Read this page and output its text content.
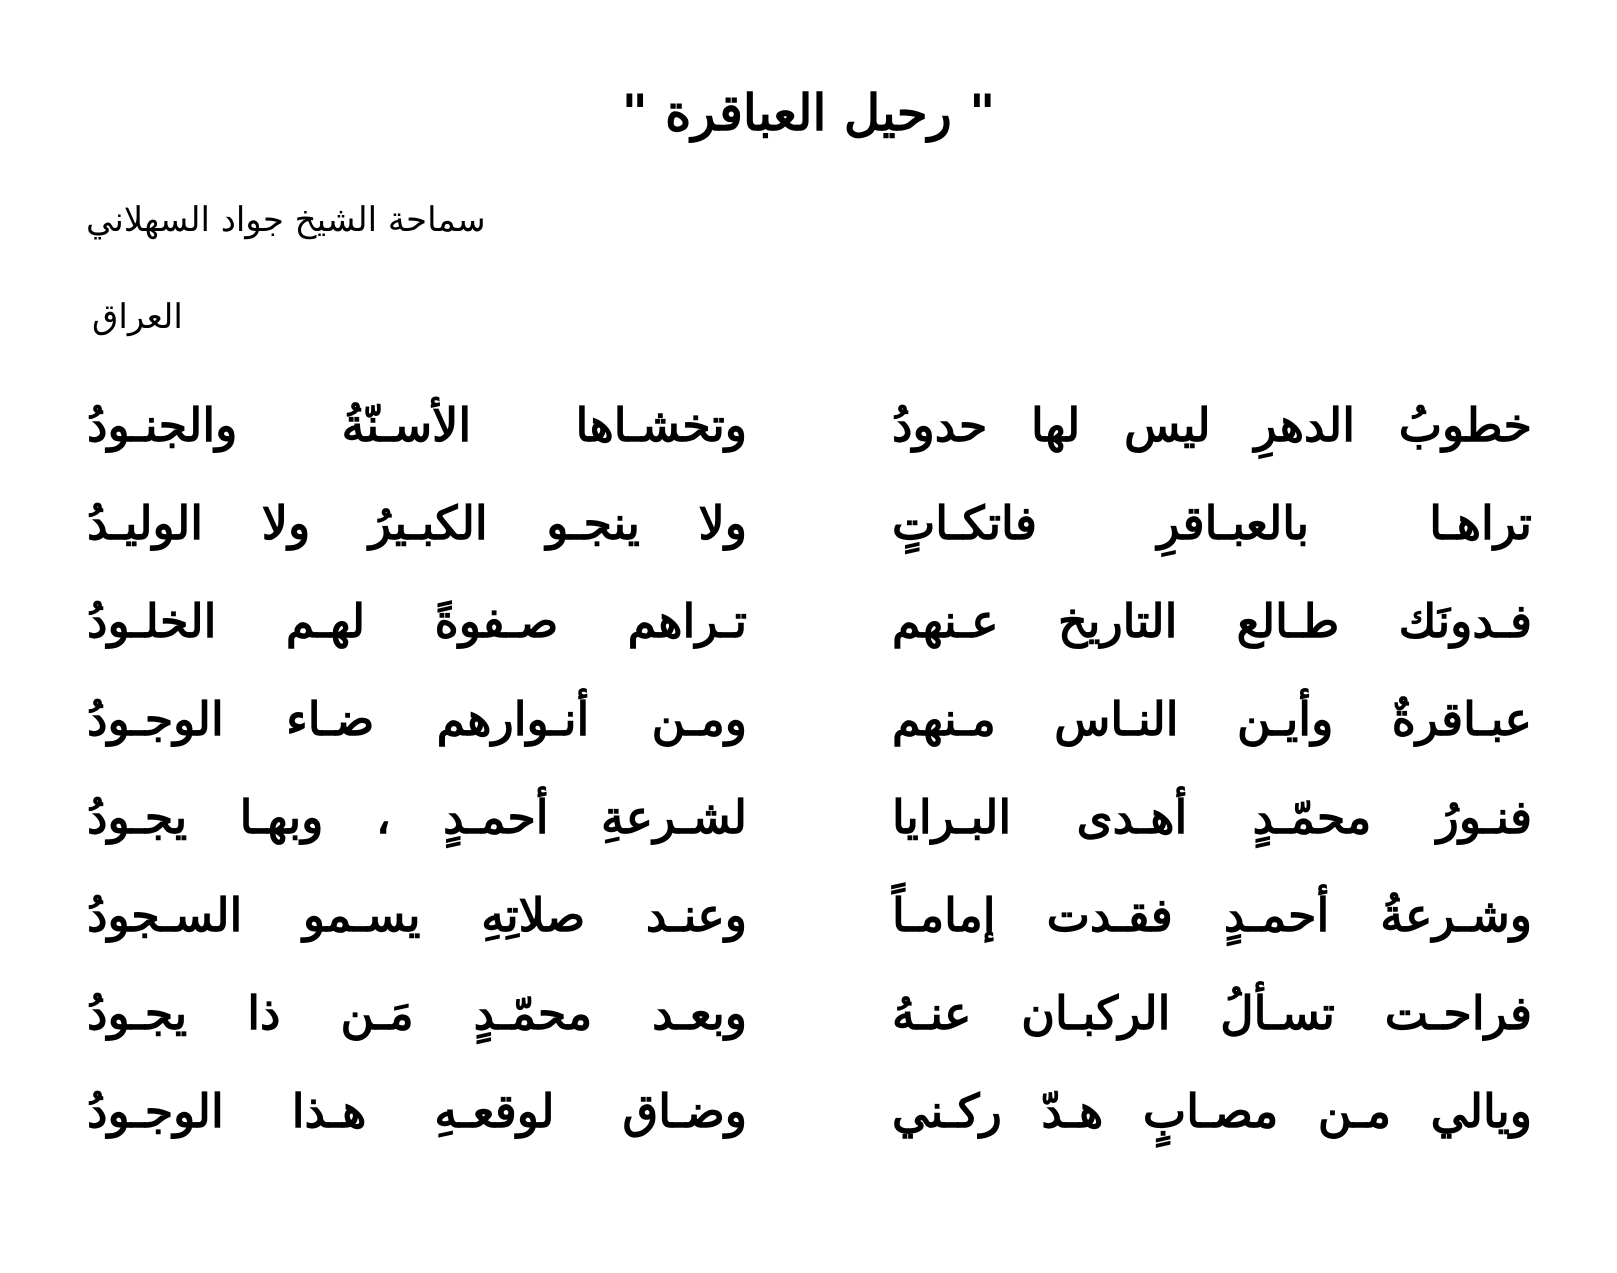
" رحيل العباقرة "
سماحة الشيخ جواد السهلاني
العراق
خطوبُ الدهرِ ليس لها حدودُ
وتخشـاها الأسـنّةُ والجنـودُ
تراهـا بالعبـاقرِ فاتكـاتٍ
ولا ينجـو الكبـيرُ ولا الوليـدُ
فـدونَك طـالع التاريخ عـنهم
تـراهم صـفوةً لهـم الخلـودُ
عبـاقرةٌ وأيـن النـاس مـنهم
ومـن أنـوارهم ضـاء الوجـودُ
فنـورُ محمّـدٍ أهـدى البـرايا
لشـرعةِ أحمـدٍ ، وبهـا يجـودُ
وشـرعةُ أحمـدٍ فقـدت إمامـاً
وعنـد صلاتِهِ يسـمو السـجودُ
فراحـت تسـألُ الركبـان عنـهُ
وبعـد محمّـدٍ مَـن ذا يجـودُ
ويالي مـن مصـابٍ هـدّ ركـني
وضـاق لوقعـهِ هـذا الوجـودُ
